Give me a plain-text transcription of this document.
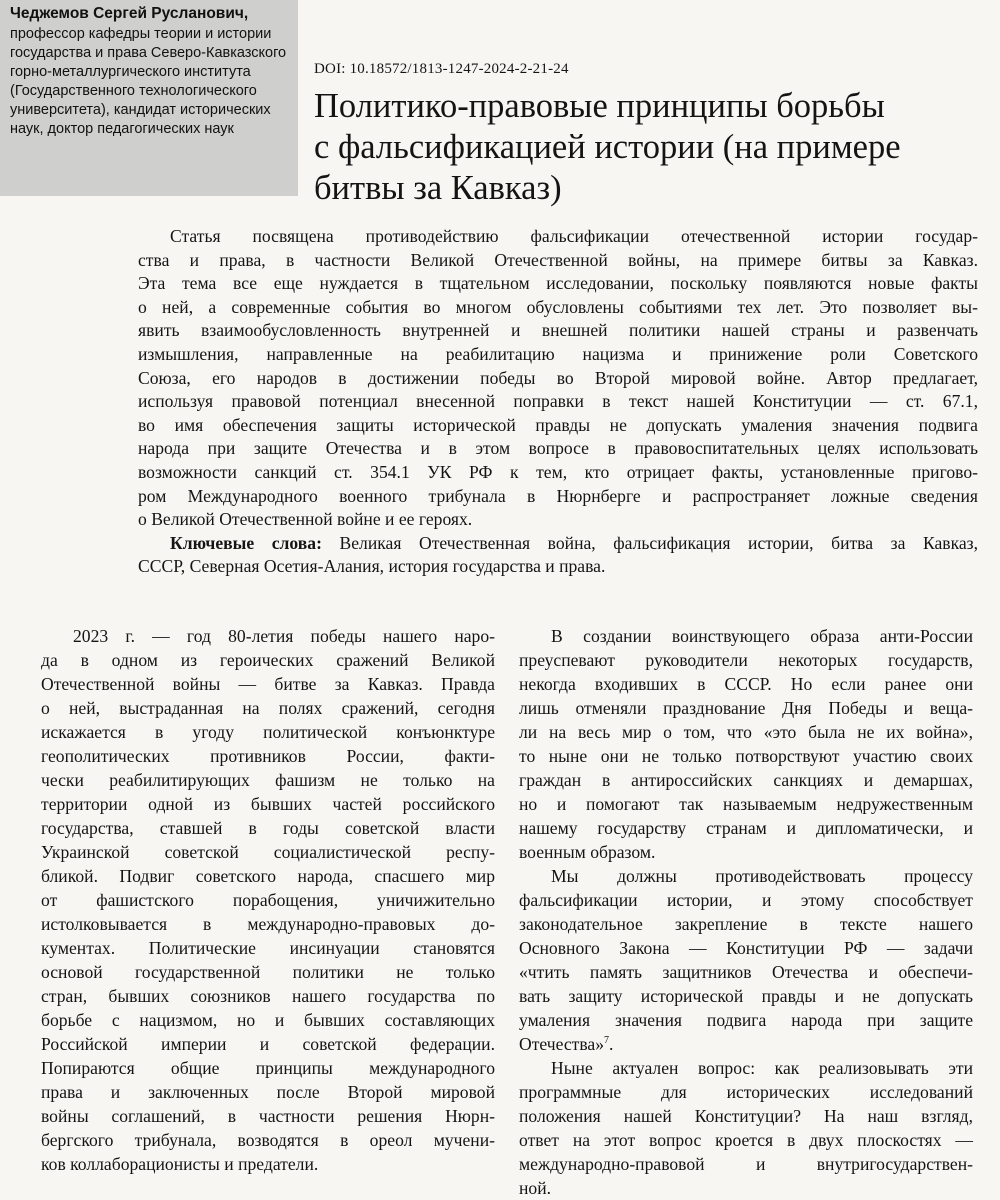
Чеджемов Сергей Русланович,
профессор кафедры теории и истории
государства и права Северо-Кавказского
горно-металлургического института
(Государственного технологического
университета), кандидат исторических
наук, доктор педагогических наук
DOI: 10.18572/1813-1247-2024-2-21-24
Политико-правовые принципы борьбы
с фальсификацией истории (на примере
битвы за Кавказ)
Статья посвящена противодействию фальсификации отечественной истории государ-
ства и права, в частности Великой Отечественной войны, на примере битвы за Кавказ.
Эта тема все еще нуждается в тщательном исследовании, поскольку появляются новые факты
о ней, а современные события во многом обусловлены событиями тех лет. Это позволяет вы-
явить взаимообусловленность внутренней и внешней политики нашей страны и развенчать
измышления, направленные на реабилитацию нацизма и принижение роли Советского
Союза, его народов в достижении победы во Второй мировой войне. Автор предлагает,
используя правовой потенциал внесенной поправки в текст нашей Конституции — ст. 67.1,
во имя обеспечения защиты исторической правды не допускать умаления значения подвига
народа при защите Отечества и в этом вопросе в правовоспитательных целях использовать
возможности санкций ст. 354.1 УК РФ к тем, кто отрицает факты, установленные пригово-
ром Международного военного трибунала в Нюрнберге и распространяет ложные сведения
о Великой Отечественной войне и ее героях.
Ключевые слова: Великая Отечественная война, фальсификация истории, битва за Кавказ,
СССР, Северная Осетия-Алания, история государства и права.
2023 г. — год 80-летия победы нашего наро-
да в одном из героических сражений Великой
Отечественной войны — битве за Кавказ. Правда
о ней, выстраданная на полях сражений, сегодня
искажается в угоду политической конъюнктуре
геополитических противников России, факти-
чески реабилитирующих фашизм не только на
территории одной из бывших частей российского
государства, ставшей в годы советской власти
Украинской советской социалистической респу-
бликой. Подвиг советского народа, спасшего мир
от фашистского порабощения, уничижительно
истолковывается в международно-правовых до-
кументах. Политические инсинуации становятся
основой государственной политики не только
стран, бывших союзников нашего государства по
борьбе с нацизмом, но и бывших составляющих
Российской империи и советской федерации.
Попираются общие принципы международного
права и заключенных после Второй мировой
войны соглашений, в частности решения Нюрн-
бергского трибунала, возводятся в ореол мучени-
ков коллаборационисты и предатели.
В создании воинствующего образа анти-России
преуспевают руководители некоторых государств,
некогда входивших в СССР. Но если ранее они
лишь отменяли празднование Дня Победы и веща-
ли на весь мир о том, что «это была не их война»,
то ныне они не только потворствуют участию своих
граждан в антироссийских санкциях и демаршах,
но и помогают так называемым недружественным
нашему государству странам и дипломатически, и
военным образом.
Мы должны противодействовать процессу
фальсификации истории, и этому способствует
законодательное закрепление в тексте нашего
Основного Закона — Конституции РФ — задачи
«чтить память защитников Отечества и обеспечи-
вать защиту исторической правды и не допускать
умаления значения подвига народа при защите
Отечества»$^7$.
Ныне актуален вопрос: как реализовывать эти
программные для исторических исследований
положения нашей Конституции? На наш взгляд,
ответ на этот вопрос кроется в двух плоскостях —
международно-правовой и внутригосударствен-
ной.
